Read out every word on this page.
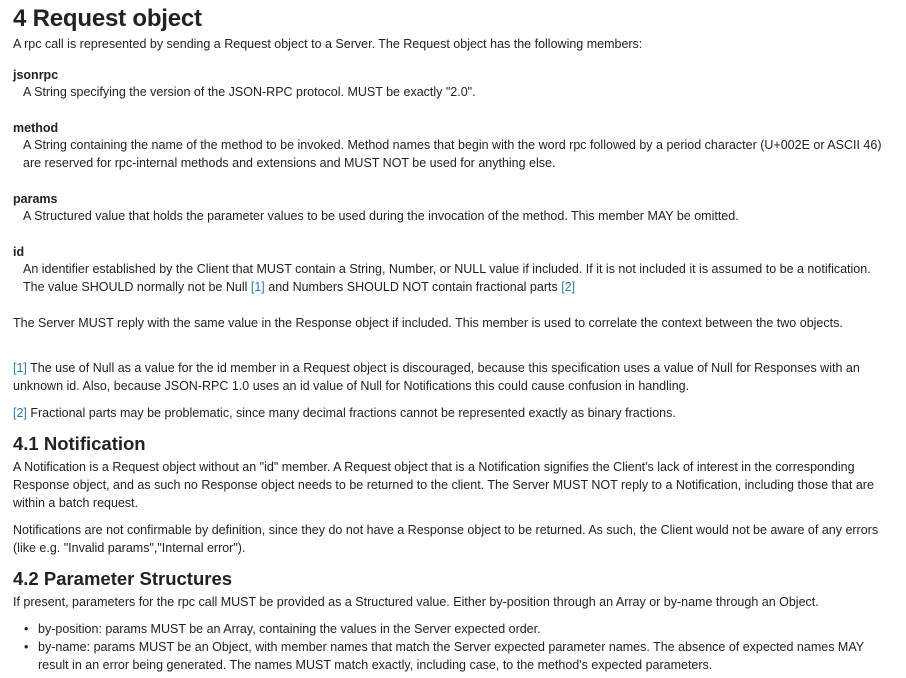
4 Request object

A rpc call is represented by sending a Request object to a Server. The Request object has the following members:

jsonrpc
A String specifying the version of the JSON-RPC protocol. MUST be exactly "2.0".
method
A String containing the name of the method to be invoked. Method names that begin with the word rpc followed by a period character (U+002E or ASCII 46) are reserved for rpc-internal methods and extensions and MUST NOT be used for anything else.
params
A Structured value that holds the parameter values to be used during the invocation of the method. This member MAY be omitted.
id
An identifier established by the Client that MUST contain a String, Number, or NULL value if included. If it is not included it is assumed to be a notification. The value SHOULD normally not be Null [1] and Numbers SHOULD NOT contain fractional parts [2]

The Server MUST reply with the same value in the Response object if included. This member is used to correlate the context between the two objects.

[1] The use of Null as a value for the id member in a Request object is discouraged, because this specification uses a value of Null for Responses with an unknown id. Also, because JSON-RPC 1.0 uses an id value of Null for Notifications this could cause confusion in handling.

[2] Fractional parts may be problematic, since many decimal fractions cannot be represented exactly as binary fractions.

4.1 Notification

A Notification is a Request object without an "id" member. A Request object that is a Notification signifies the Client's lack of interest in the corresponding Response object, and as such no Response object needs to be returned to the client. The Server MUST NOT reply to a Notification, including those that are within a batch request.

Notifications are not confirmable by definition, since they do not have a Response object to be returned. As such, the Client would not be aware of any errors (like e.g. "Invalid params","Internal error").

4.2 Parameter Structures

If present, parameters for the rpc call MUST be provided as a Structured value. Either by-position through an Array or by-name through an Object.

• by-position: params MUST be an Array, containing the values in the Server expected order.
• by-name: params MUST be an Object, with member names that match the Server expected parameter names. The absence of expected names MAY result in an error being generated. The names MUST match exactly, including case, to the method's expected parameters.
